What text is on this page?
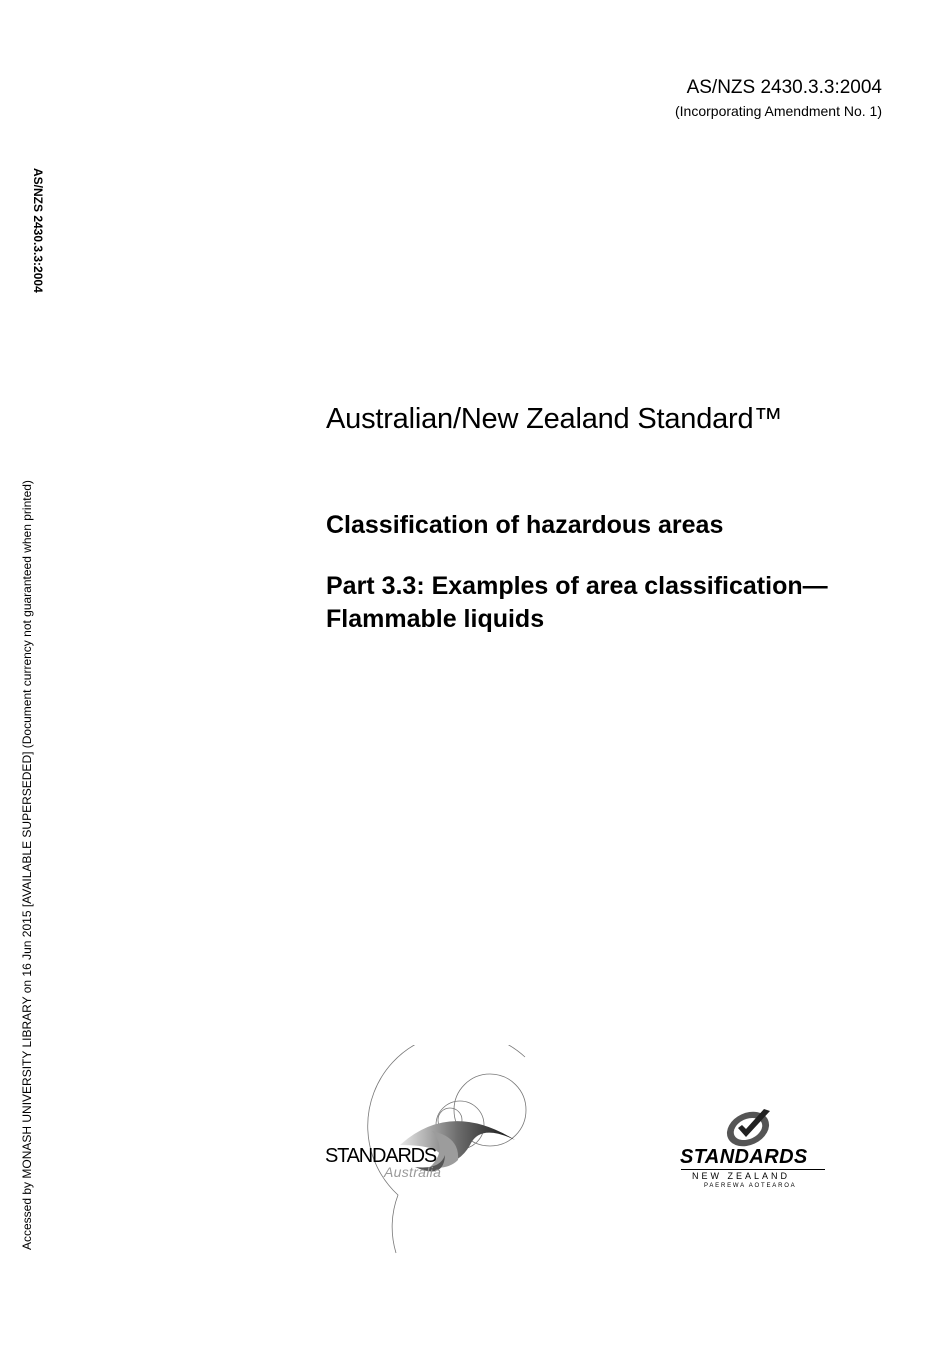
AS/NZS 2430.3.3:2004
(Incorporating Amendment No. 1)
AS/NZS 2430.3.3:2004
Accessed by MONASH UNIVERSITY LIBRARY on 16 Jun 2015 [AVAILABLE SUPERSEDED] (Document currency not guaranteed when printed)
Australian/New Zealand Standard™
Classification of hazardous areas
Part 3.3: Examples of area classification—Flammable liquids
STANDARDS
Australia
STANDARDS
NEW ZEALAND
PAEREWA AOTEAROA
